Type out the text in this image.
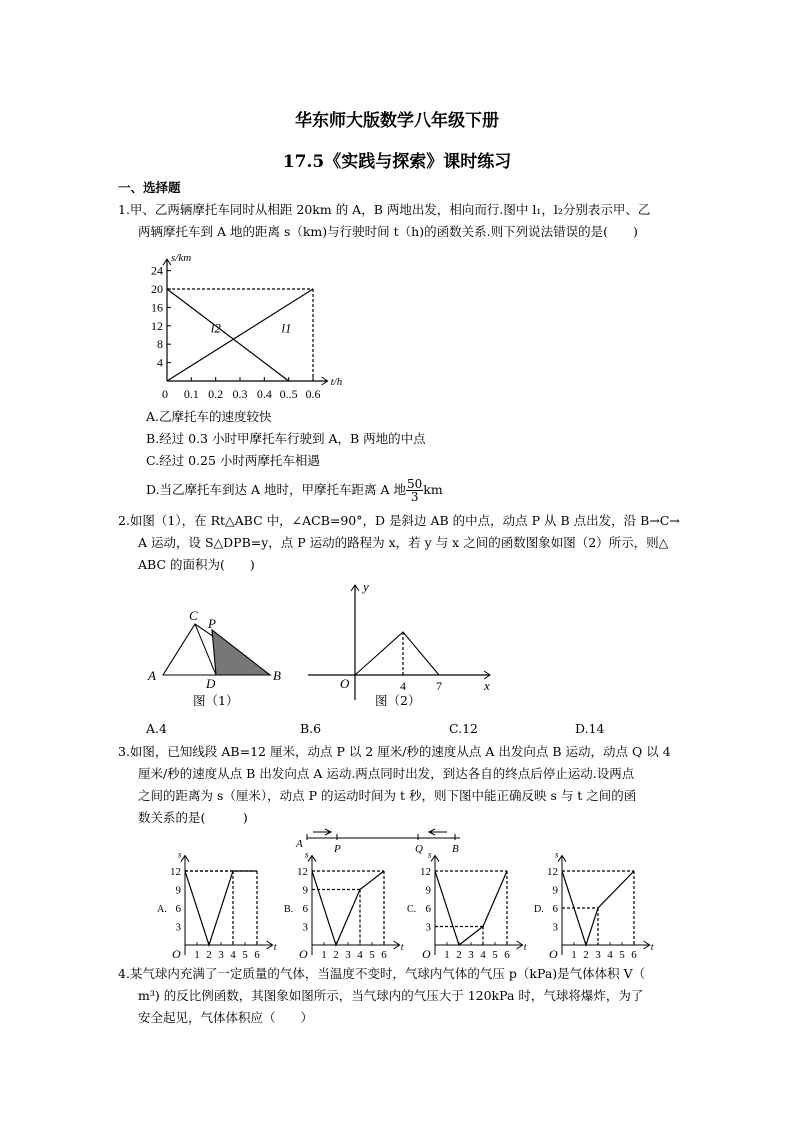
华东师大版数学八年级下册
17.5《实践与探索》课时练习
一、选择题
1.甲、乙两辆摩托车同时从相距 20km 的 A，B 两地出发，相向而行.图中 l₁，l₂分别表示甲、乙
两辆摩托车到 A 地的距离 s（km)与行驶时间 t（h)的函数关系.则下列说法错误的是(　　)
A.乙摩托车的速度较快
B.经过 0.3 小时甲摩托车行驶到 A，B 两地的中点
C.经过 0.25 小时两摩托车相遇
D.当乙摩托车到达 A 地时，甲摩托车距离 A 地 $\frac{50}{3}$ km
2.如图（1），在 Rt△ABC 中，∠ACB=90°，D 是斜边 AB 的中点，动点 P 从 B 点出发，沿 B→C→
A 运动，设 S△DPB=y，点 P 运动的路程为 x，若 y 与 x 之间的函数图象如图（2）所示，则△
ABC 的面积为(　　)
图（1）	图（2）
A.4	B.6	C.12	D.14
3.如图，已知线段 AB=12 厘米，动点 P 以 2 厘米/秒的速度从点 A 出发向点 B 运动，动点 Q 以 4
厘米/秒的速度从点 B 出发向点 A 运动.两点同时出发，到达各自的终点后停止运动.设两点
之间的距离为 s（厘米），动点 P 的运动时间为 t 秒，则下图中能正确反映 s 与 t 之间的函
数关系的是(　　　)
4.某气球内充满了一定质量的气体，当温度不变时，气球内气体的气压 p（kPa)是气体体积 V（
m³) 的反比例函数，其图象如图所示，当气球内的气压大于 120kPa 时，气球将爆炸，为了
安全起见，气体体积应（　　）
s/km
t/h
0
4
8
12
16
20
24
0.1 0.2 0.3 0.4 0..5 0.6
l2	l1
A	B
C
D
P
y
x
O	4	7
A	P	Q	B
s
t
O
A.
3
6
9
12
1 2 3 4 5 6
s
t
O
B.
3
6
9
12
1 2 3 4 5 6
s
t
O
C.
3
6
9
12
1 2 3 4 5 6
s
t
O
D.
3
6
9
12
1 2 3 4 5 6
